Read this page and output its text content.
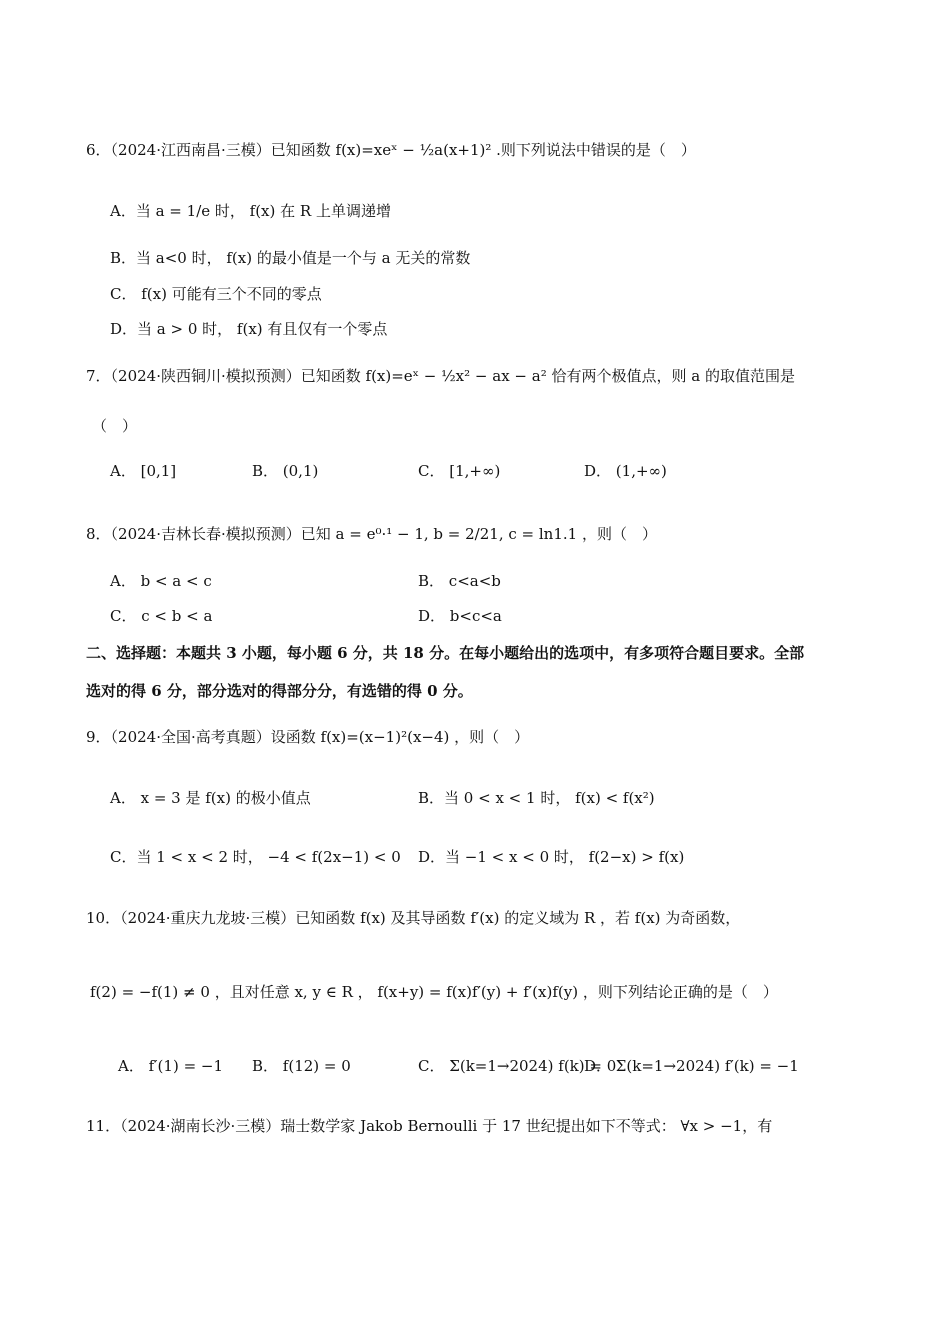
6．（2024·江西南昌·三模）已知函数 f(x)=xeˣ − ½a(x+1)² .则下列说法中错误的是（　）
A．当 a = 1/e 时， f(x) 在 R 上单调递增
B．当 a<0 时， f(x) 的最小值是一个与 a 无关的常数
C． f(x) 可能有三个不同的零点
D．当 a > 0 时， f(x) 有且仅有一个零点
7．（2024·陕西铜川·模拟预测）已知函数 f(x)=eˣ − ½x² − ax − a² 恰有两个极值点，则 a 的取值范围是
（　）
A． [0,1]	B． (0,1)	C． [1,+∞)	D． (1,+∞)
8．（2024·吉林长春·模拟预测）已知 a = e⁰·¹ − 1, b = 2/21, c = ln1.1 ，则（　）
A． b < a < c	B． c<a<b
C． c < b < a	D． b<c<a
二、选择题：本题共 3 小题，每小题 6 分，共 18 分。在每小题给出的选项中，有多项符合题目要求。全部
选对的得 6 分，部分选对的得部分分，有选错的得 0 分。
9．（2024·全国·高考真题）设函数 f(x)=(x−1)²(x−4) ，则（　）
A． x = 3 是 f(x) 的极小值点	B．当 0 < x < 1 时， f(x) < f(x²)
C．当 1 < x < 2 时， −4 < f(2x−1) < 0 D．当 −1 < x < 0 时， f(2−x) > f(x)
10．（2024·重庆九龙坡·三模）已知函数 f(x) 及其导函数 f′(x) 的定义域为 R ，若 f(x) 为奇函数，
f(2) = −f(1) ≠ 0 ，且对任意 x, y ∈ R ， f(x+y) = f(x)f′(y) + f′(x)f(y) ，则下列结论正确的是（　）
A． f′(1) = −1 B． f(12) = 0	C． Σ(k=1→2024) f(k) = 0
D． Σ(k=1→2024) f′(k) = −1
11．（2024·湖南长沙·三模）瑞士数学家 Jakob Bernoulli 于 17 世纪提出如下不等式： ∀x > −1，有
